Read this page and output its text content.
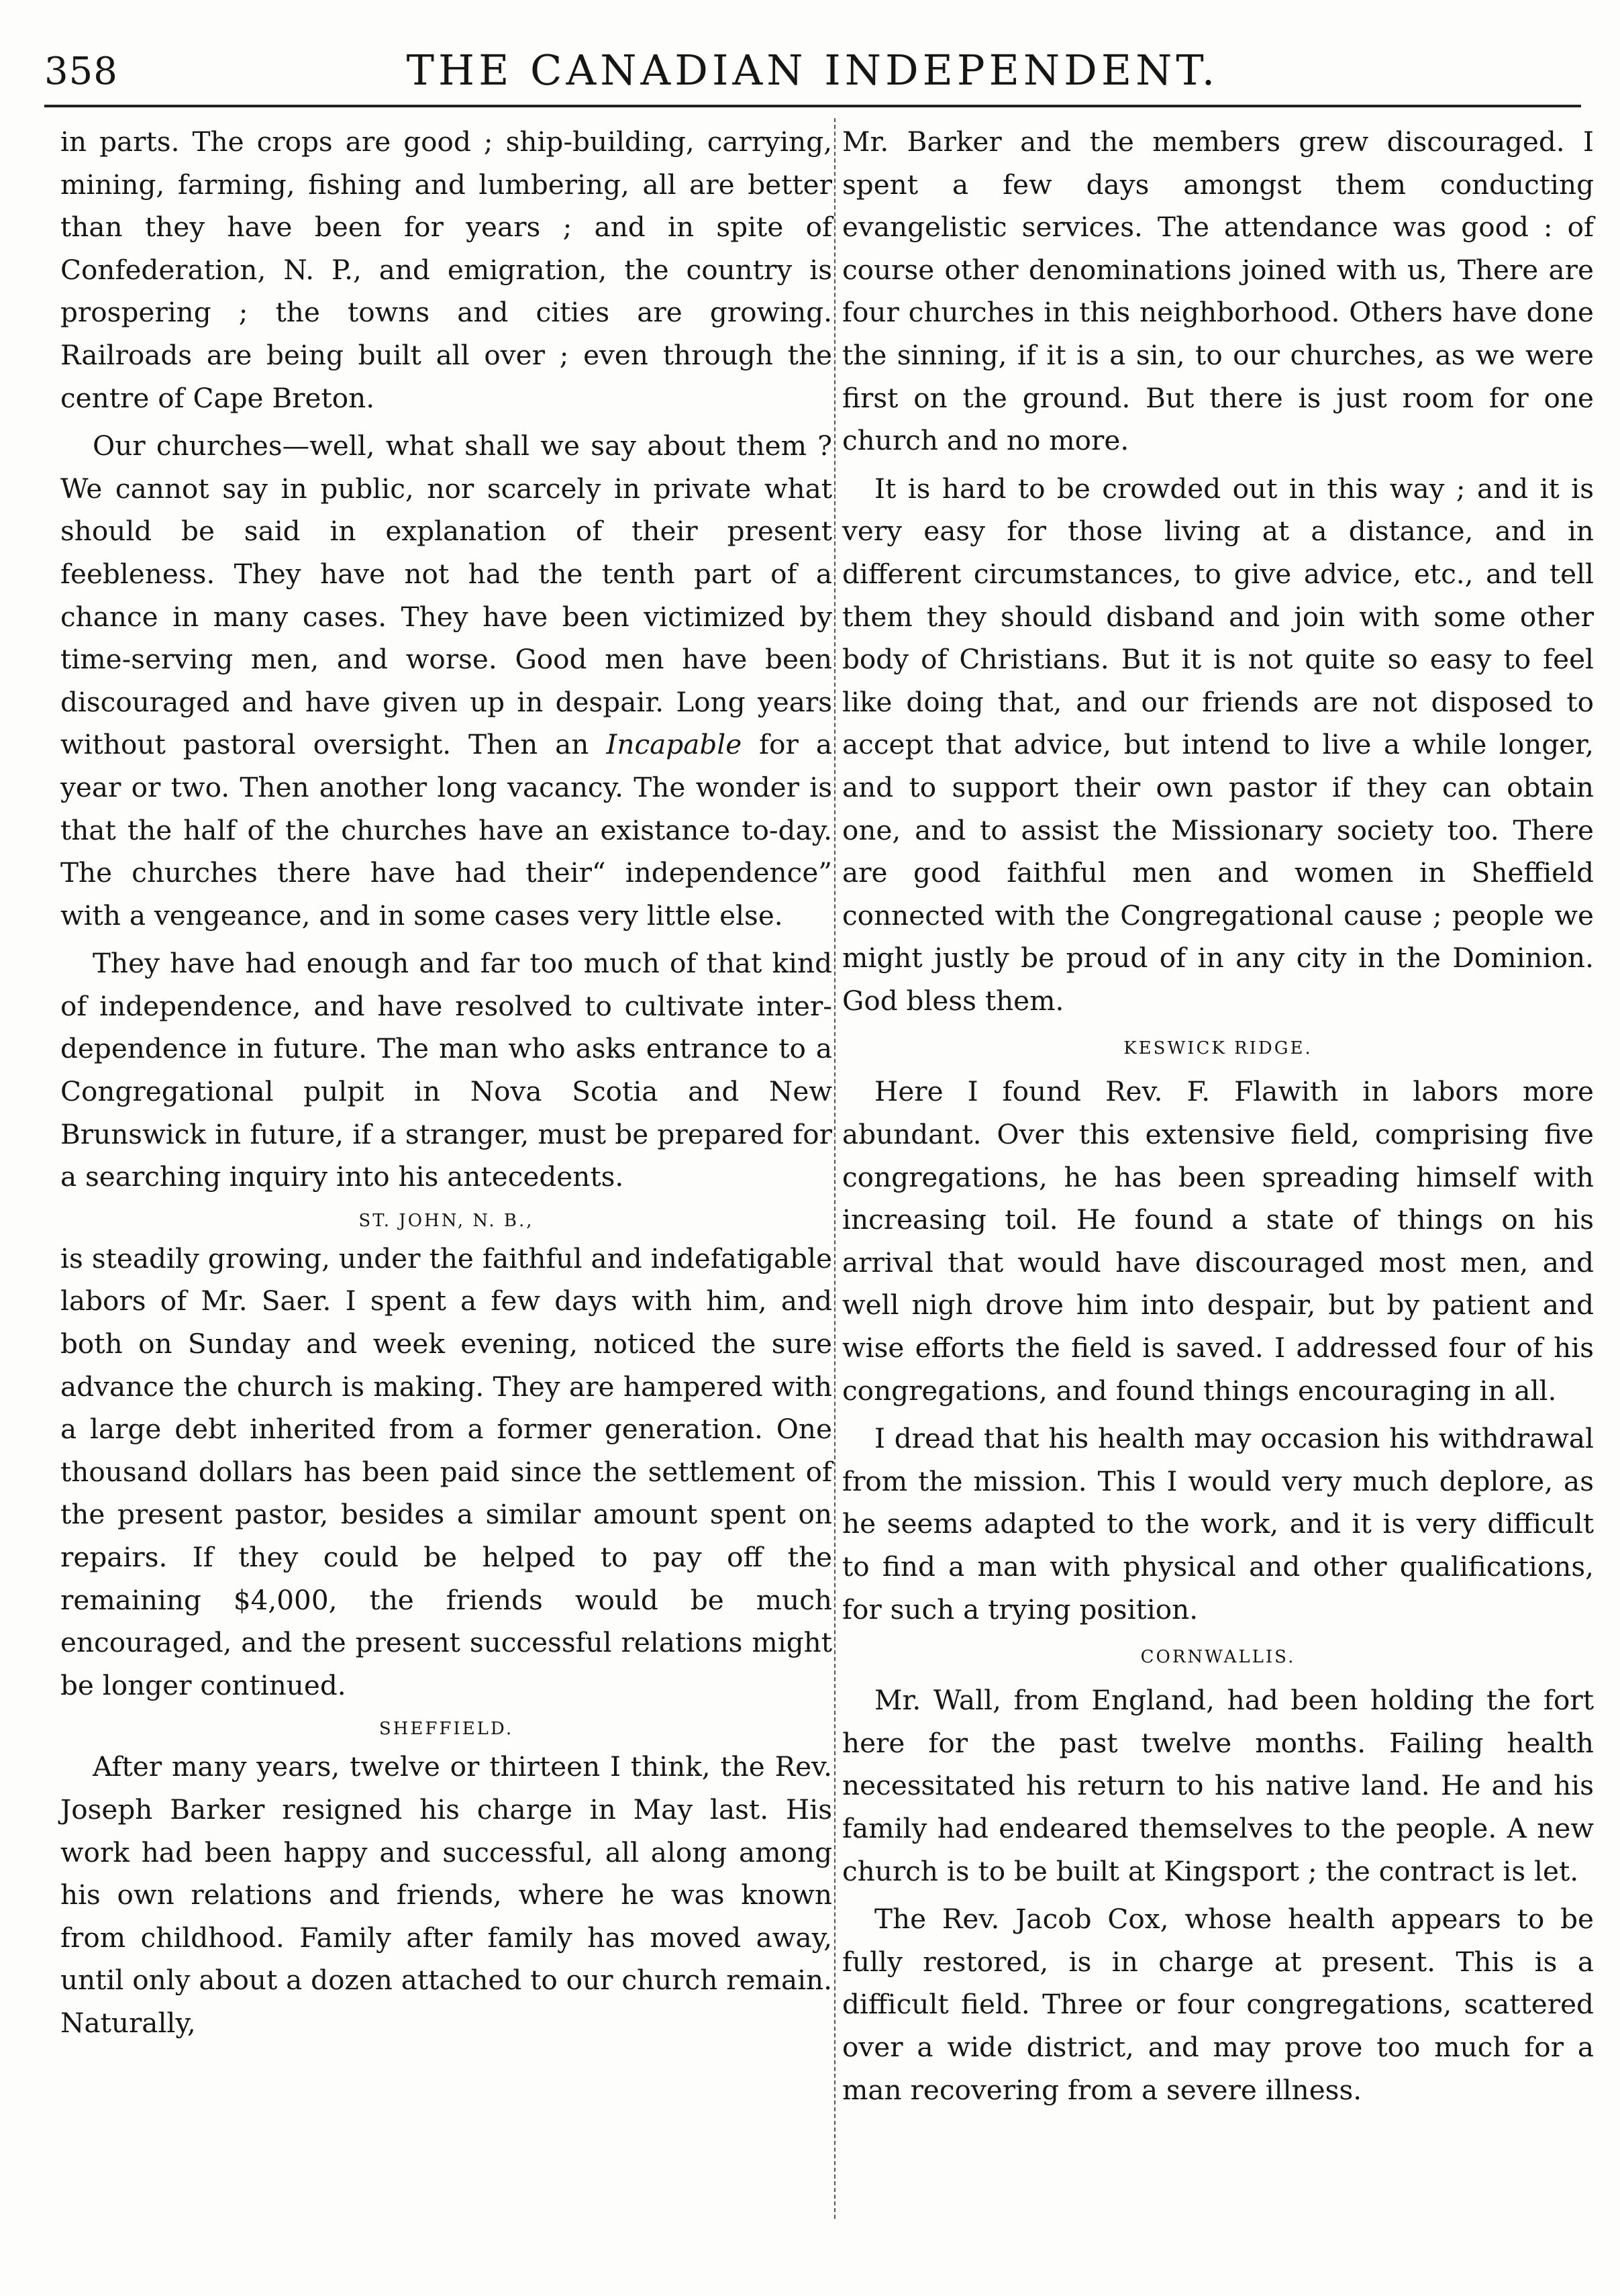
358	THE CANADIAN INDEPENDENT.

in parts. The crops are good ; ship-building, carrying, mining, farming, fishing and lumbering, all are better than they have been for years ; and in spite of Confederation, N. P., and emigration, the country is prospering ; the towns and cities are growing. Railroads are being built all over ; even through the centre of Cape Breton.

Our churches—well, what shall we say about them ? We cannot say in public, nor scarcely in private what should be said in explanation of their present feebleness. They have not had the tenth part of a chance in many cases. They have been victimized by time-serving men, and worse. Good men have been discouraged and have given up in despair. Long years without pastoral oversight. Then an Incapable for a year or two. Then another long vacancy. The wonder is that the half of the churches have an existance to-day. The churches there have had their“ independence” with a vengeance, and in some cases very little else.

They have had enough and far too much of that kind of independence, and have resolved to cultivate inter-dependence in future. The man who asks entrance to a Congregational pulpit in Nova Scotia and New Brunswick in future, if a stranger, must be prepared for a searching inquiry into his antecedents.

ST. JOHN, N. B.,

is steadily growing, under the faithful and indefatigable labors of Mr. Saer. I spent a few days with him, and both on Sunday and week evening, noticed the sure advance the church is making. They are hampered with a large debt inherited from a former generation. One thousand dollars has been paid since the settlement of the present pastor, besides a similar amount spent on repairs. If they could be helped to pay off the remaining $4,000, the friends would be much encouraged, and the present successful relations might be longer continued.

SHEFFIELD.

After many years, twelve or thirteen I think, the Rev. Joseph Barker resigned his charge in May last. His work had been happy and successful, all along among his own relations and friends, where he was known from childhood. Family after family has moved away, until only about a dozen attached to our church remain. Naturally,

Mr. Barker and the members grew discouraged. I spent a few days amongst them conducting evangelistic services. The attendance was good : of course other denominations joined with us, There are four churches in this neighborhood. Others have done the sinning, if it is a sin, to our churches, as we were first on the ground. But there is just room for one church and no more.

It is hard to be crowded out in this way ; and it is very easy for those living at a distance, and in different circumstances, to give advice, etc., and tell them they should disband and join with some other body of Christians. But it is not quite so easy to feel like doing that, and our friends are not disposed to accept that advice, but intend to live a while longer, and to support their own pastor if they can obtain one, and to assist the Missionary society too. There are good faithful men and women in Sheffield connected with the Congregational cause ; people we might justly be proud of in any city in the Dominion. God bless them.

KESWICK RIDGE.

Here I found Rev. F. Flawith in labors more abundant. Over this extensive field, comprising five congregations, he has been spreading himself with increasing toil. He found a state of things on his arrival that would have discouraged most men, and well nigh drove him into despair, but by patient and wise efforts the field is saved. I addressed four of his congregations, and found things encouraging in all.

I dread that his health may occasion his withdrawal from the mission. This I would very much deplore, as he seems adapted to the work, and it is very difficult to find a man with physical and other qualifications, for such a trying position.

CORNWALLIS.

Mr. Wall, from England, had been holding the fort here for the past twelve months. Failing health necessitated his return to his native land. He and his family had endeared themselves to the people. A new church is to be built at Kingsport ; the contract is let.

The Rev. Jacob Cox, whose health appears to be fully restored, is in charge at present. This is a difficult field. Three or four congregations, scattered over a wide district, and may prove too much for a man recovering from a severe illness.
